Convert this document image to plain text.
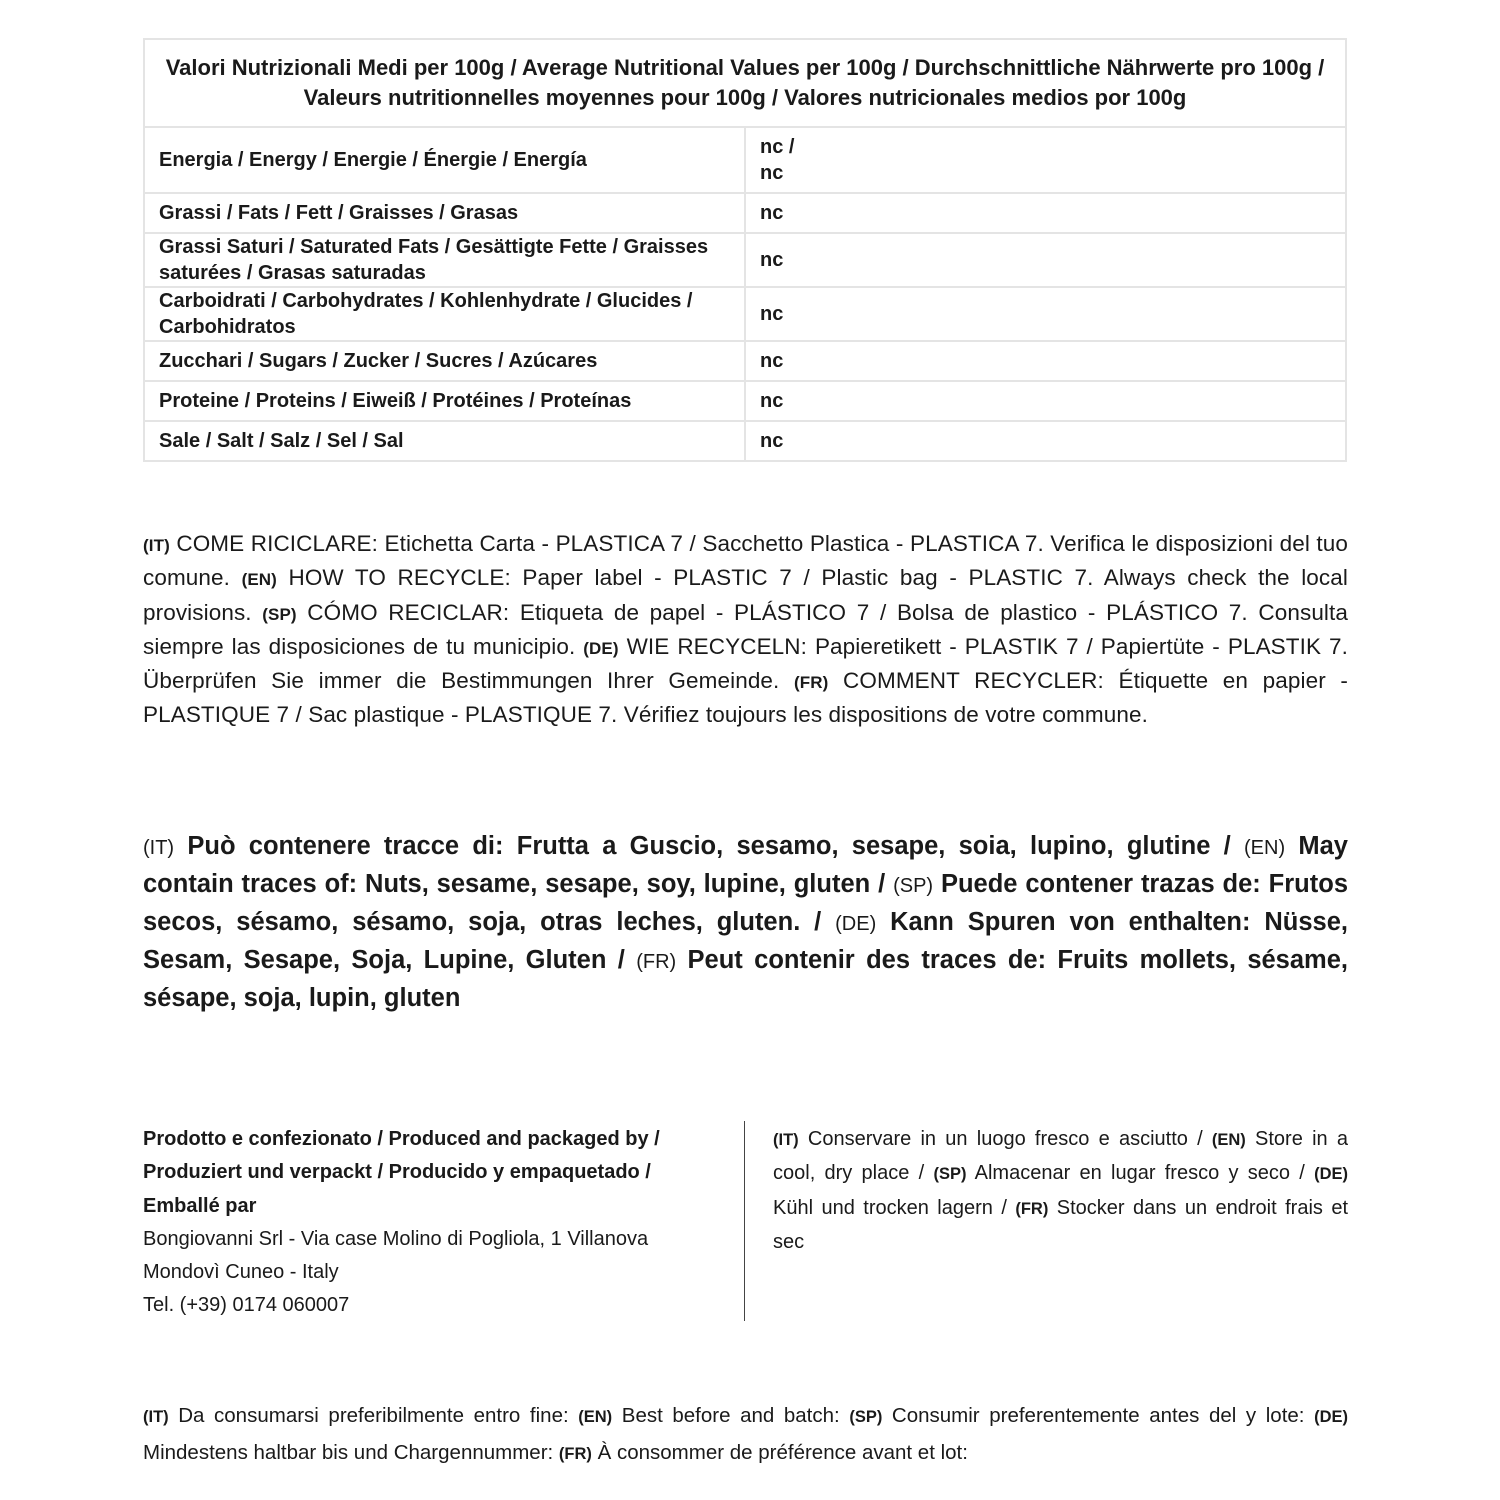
Valori Nutrizionali Medi per 100g / Average Nutritional Values per 100g / Durchschnittliche Nährwerte pro 100g / Valeurs nutritionnelles moyennes pour 100g / Valores nutricionales medios por 100g	
Energia / Energy / Energie / Énergie / Energía	nc /
nc

Grassi / Fats / Fett / Graisses / Grasas	nc
Grassi Saturi / Saturated Fats / Gesättigte Fette / Graisses saturées / Grasas saturadas	nc
Carboidrati / Carbohydrates / Kohlenhydrate / Glucides / Carbohidratos	nc
Zucchari / Sugars / Zucker / Sucres / Azúcares	nc
Proteine / Proteins / Eiweiß / Protéines / Proteínas	nc
Sale / Salt / Salz / Sel / Sal	nc

(IT) COME RICICLARE: Etichetta Carta - PLASTICA 7 / Sacchetto Plastica - PLASTICA 7. Verifica le disposizioni del tuo comune. (EN) HOW TO RECYCLE: Paper label - PLASTIC 7 / Plastic bag - PLASTIC 7. Always check the local provisions. (SP) CÓMO RECICLAR: Etiqueta de papel - PLÁSTICO 7 / Bolsa de plastico - PLÁSTICO 7. Consulta siempre las disposiciones de tu municipio. (DE) WIE RECYCELN: Papieretikett - PLASTIK 7 / Papiertüte - PLASTIK 7. Überprüfen Sie immer die Bestimmungen Ihrer Gemeinde. (FR) COMMENT RECYCLER: Étiquette en papier - PLASTIQUE 7 / Sac plastique - PLASTIQUE 7. Vérifiez toujours les dispositions de votre commune.

(IT) Può contenere tracce di: Frutta a Guscio, sesamo, sesape, soia, lupino, glutine / (EN) May contain traces of: Nuts, sesame, sesape, soy, lupine, gluten / (SP) Puede contener trazas de: Frutos secos, sésamo, sésamo, soja, otras leches, gluten. / (DE) Kann Spuren von enthalten: Nüsse, Sesam, Sesape, Soja, Lupine, Gluten / (FR) Peut contenir des traces de: Fruits mollets, sésame, sésape, soja, lupin, gluten

Prodotto e confezionato / Produced and packaged by /
Produziert und verpackt / Producido y empaquetado /
Emballé par
Bongiovanni Srl - Via case Molino di Pogliola, 1 Villanova
Mondovì Cuneo - Italy
Tel. (+39) 0174 060007
(IT) Conservare in un luogo fresco e asciutto / (EN) Store in a cool, dry place / (SP) Almacenar en lugar fresco y seco / (DE) Kühl und trocken lagern / (FR) Stocker dans un endroit frais et sec

(IT) Da consumarsi preferibilmente entro fine: (EN) Best before and batch: (SP) Consumir preferentemente antes del y lote: (DE) Mindestens haltbar bis und Chargennummer: (FR) À consommer de préférence avant et lot:
